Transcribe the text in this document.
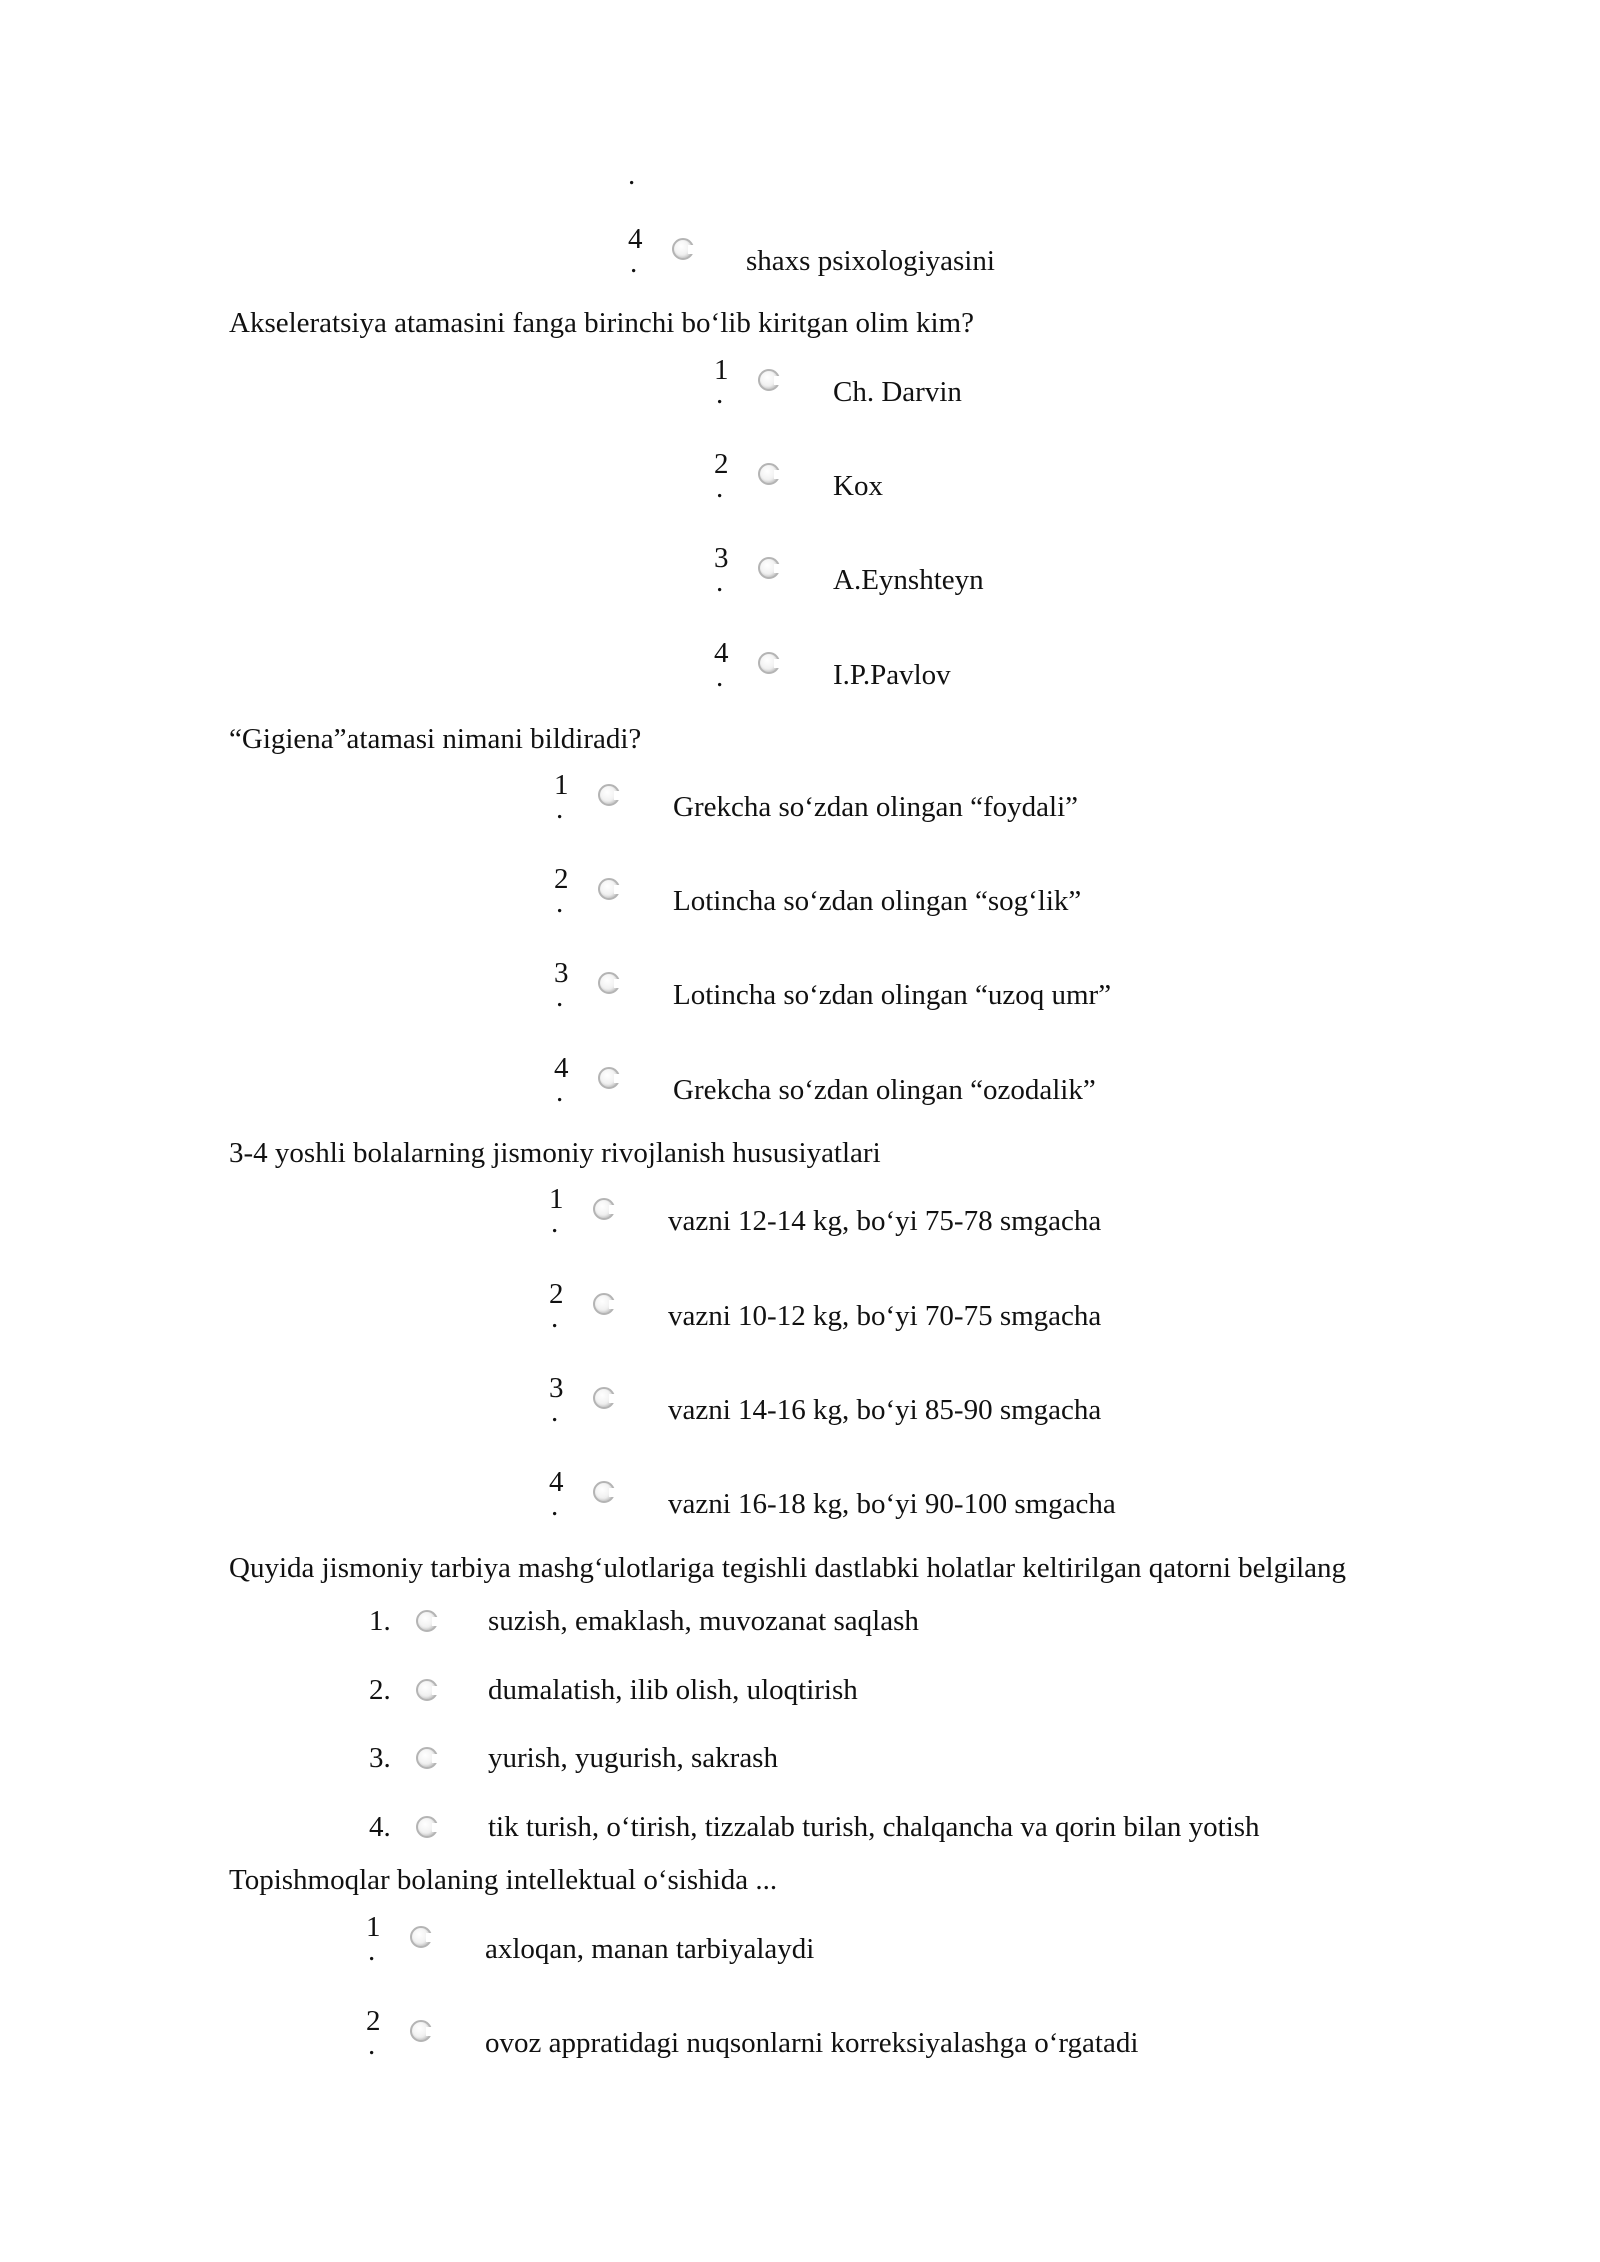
.
4
.	shaxs psixologiyasini
Akseleratsiya atamasini fanga birinchi bo‘lib kiritgan olim kim?
1
.	Ch. Darvin
2
.	Kox
3
.	A.Eynshteyn
4
.	I.P.Pavlov
“Gigiena”atamasi nimani bildiradi?
1
.	Grekcha so‘zdan olingan “foydali”
2
.	Lotincha so‘zdan olingan “sog‘lik”
3
.	Lotincha so‘zdan olingan “uzoq umr”
4
.	Grekcha so‘zdan olingan “ozodalik”
3-4 yoshli bolalarning jismoniy rivojlanish hususiyatlari
1
.	vazni 12-14 kg, bo‘yi 75-78 smgacha
2
.	vazni 10-12 kg, bo‘yi 70-75 smgacha
3
.	vazni 14-16 kg, bo‘yi 85-90 smgacha
4
.	vazni 16-18 kg, bo‘yi 90-100 smgacha
Quyida jismoniy tarbiya mashg‘ulotlariga tegishli dastlabki holatlar keltirilgan qatorni belgilang
1.	suzish, emaklash, muvozanat saqlash
2.	dumalatish, ilib olish, uloqtirish
3.	yurish, yugurish, sakrash
4.	tik turish, o‘tirish, tizzalab turish, chalqancha va qorin bilan yotish
Topishmoqlar bolaning intellektual o‘sishida ...
1
.	axloqan, manan tarbiyalaydi
2
.	ovoz appratidagi nuqsonlarni korreksiyalashga o‘rgatadi
